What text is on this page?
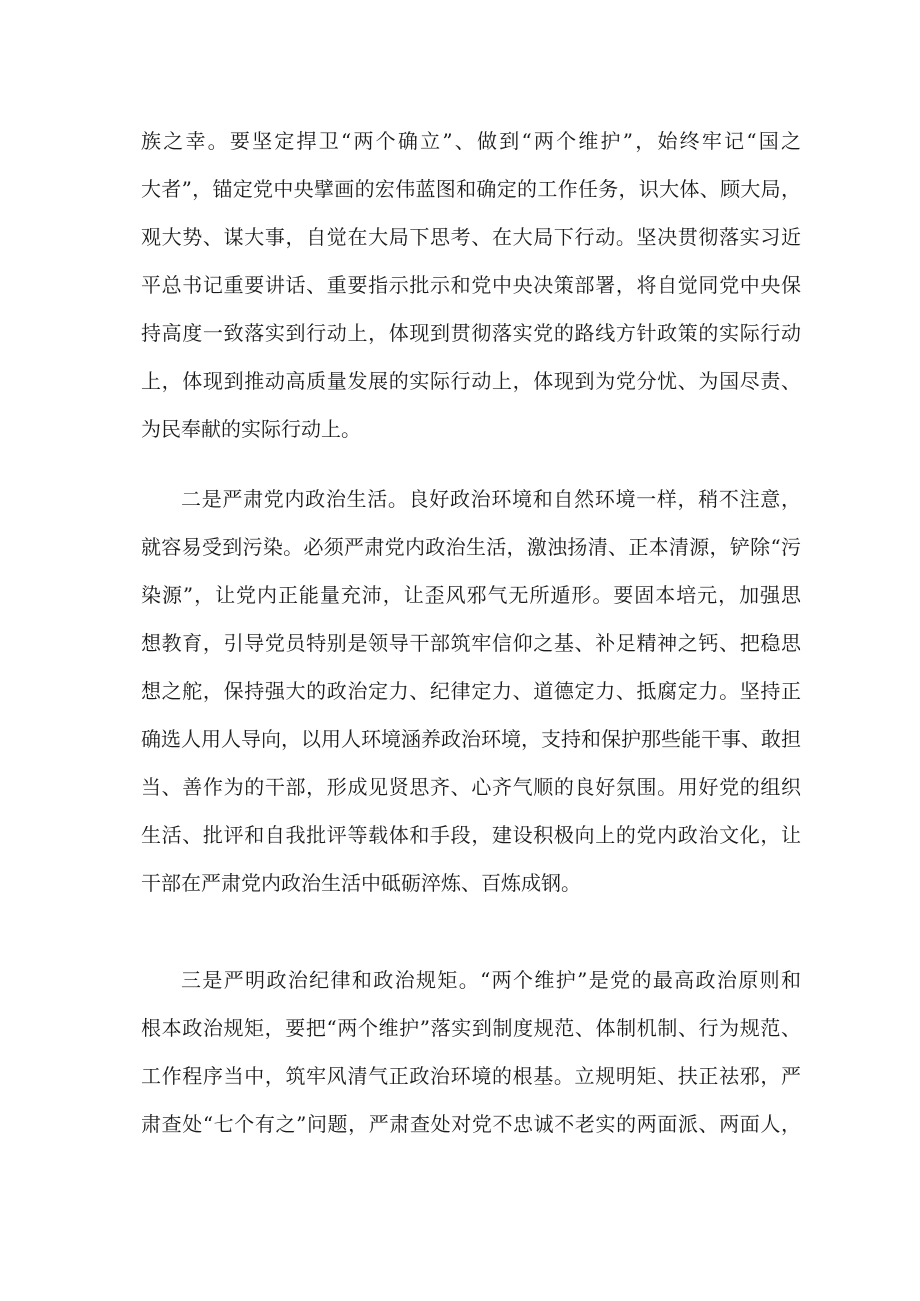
族之幸。要坚定捍卫“两个确立”、做到“两个维护”，始终牢记“国之
大者”，锚定党中央擘画的宏伟蓝图和确定的工作任务，识大体、顾大局，
观大势、谋大事，自觉在大局下思考、在大局下行动。坚决贯彻落实习近
平总书记重要讲话、重要指示批示和党中央决策部署，将自觉同党中央保
持高度一致落实到行动上，体现到贯彻落实党的路线方针政策的实际行动
上，体现到推动高质量发展的实际行动上，体现到为党分忧、为国尽责、
为民奉献的实际行动上。
二是严肃党内政治生活。良好政治环境和自然环境一样，稍不注意，
就容易受到污染。必须严肃党内政治生活，激浊扬清、正本清源，铲除“污
染源”，让党内正能量充沛，让歪风邪气无所遁形。要固本培元，加强思
想教育，引导党员特别是领导干部筑牢信仰之基、补足精神之钙、把稳思
想之舵，保持强大的政治定力、纪律定力、道德定力、抵腐定力。坚持正
确选人用人导向，以用人环境涵养政治环境，支持和保护那些能干事、敢担
当、善作为的干部，形成见贤思齐、心齐气顺的良好氛围。用好党的组织
生活、批评和自我批评等载体和手段，建设积极向上的党内政治文化，让
干部在严肃党内政治生活中砥砺淬炼、百炼成钢。
三是严明政治纪律和政治规矩。“两个维护”是党的最高政治原则和
根本政治规矩，要把“两个维护”落实到制度规范、体制机制、行为规范、
工作程序当中，筑牢风清气正政治环境的根基。立规明矩、扶正祛邪，严
肃查处“七个有之”问题，严肃查处对党不忠诚不老实的两面派、两面人，
